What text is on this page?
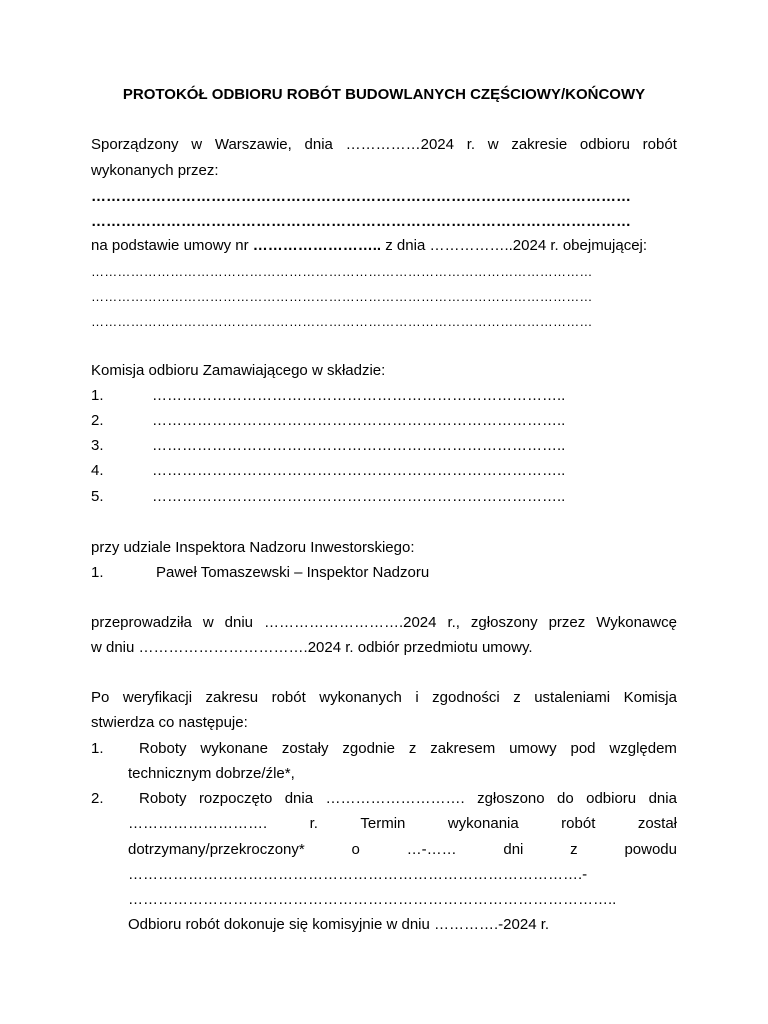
PROTOKÓŁ ODBIORU ROBÓT BUDOWLANYCH CZĘŚCIOWY/KOŃCOWY
Sporządzony w Warszawie, dnia ……………2024 r. w zakresie odbioru robót
wykonanych przez:
………………………………………………………………………………………………
………………………………………………………………………………………………
na podstawie umowy nr …………………….. z dnia ……………..2024 r. obejmującej:
……………………………………………………………………………………………………
……………………………………………………………………………………………………
……………………………………………………………………………………………………
Komisja odbioru Zamawiającego w składzie:
1.	………………………………………………………………………..
2.	………………………………………………………………………..
3.	………………………………………………………………………..
4.	………………………………………………………………………..
5.	………………………………………………………………………..
przy udziale Inspektora Nadzoru Inwestorskiego:
1.	Paweł Tomaszewski – Inspektor Nadzoru
przeprowadziła w dniu ……………………….2024 r., zgłoszony przez Wykonawcę
w dniu …………………………….2024 r. odbiór przedmiotu umowy.
Po weryfikacji zakresu robót wykonanych i zgodności z ustaleniami Komisja
stwierdza co następuje:
1. Roboty wykonane zostały zgodnie z zakresem umowy pod względem
technicznym dobrze/źle*,
2. Roboty rozpoczęto dnia ………………………. zgłoszono do odbioru dnia
……………………….	r.	Termin	wykonania	robót	został
dotrzymany/przekroczony*	o	…-……	dni	z	powodu
……………………………………………………………………………….-
……………………………………………………………………………………..
Odbioru robót dokonuje się komisyjnie w dniu ………….-2024 r.
